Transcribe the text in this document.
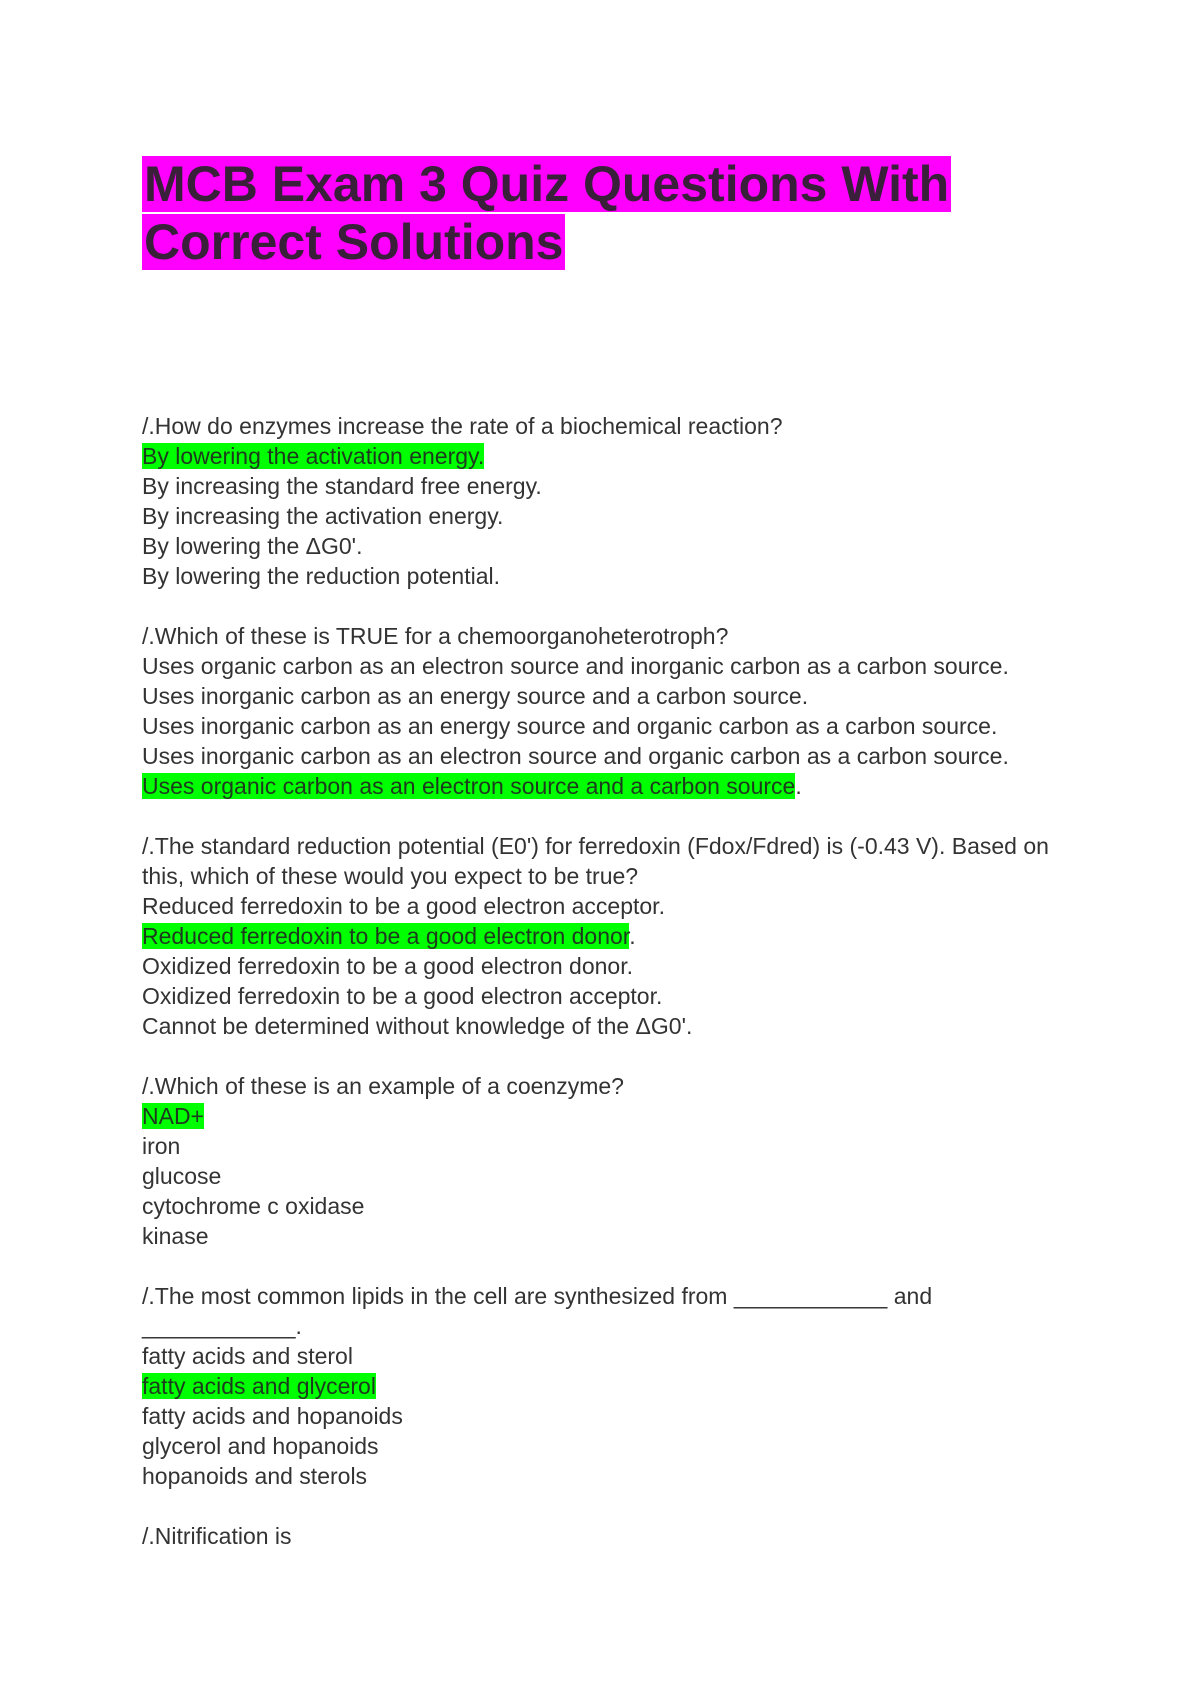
MCB Exam 3 Quiz Questions With
Correct Solutions

/.How do enzymes increase the rate of a biochemical reaction?

By lowering the activation energy.
By increasing the standard free energy.
By increasing the activation energy.
By lowering the ΔG0'.
By lowering the reduction potential.

/.Which of these is TRUE for a chemoorganoheterotroph?

Uses organic carbon as an electron source and inorganic carbon as a carbon source.
Uses inorganic carbon as an energy source and a carbon source.
Uses inorganic carbon as an energy source and organic carbon as a carbon source.
Uses inorganic carbon as an electron source and organic carbon as a carbon source.
Uses organic carbon as an electron source and a carbon source.

/.The standard reduction potential (E0') for ferredoxin (Fdox/Fdred) is (-0.43 V). Based on this, which of these would you expect to be true?

Reduced ferredoxin to be a good electron acceptor.
Reduced ferredoxin to be a good electron donor.
Oxidized ferredoxin to be a good electron donor.
Oxidized ferredoxin to be a good electron acceptor.
Cannot be determined without knowledge of the ΔG0'.

/.Which of these is an example of a coenzyme?

NAD+
iron
glucose
cytochrome c oxidase
kinase

/.The most common lipids in the cell are synthesized from ____________ and ____________.

fatty acids and sterol
fatty acids and glycerol
fatty acids and hopanoids
glycerol and hopanoids
hopanoids and sterols

/.Nitrification is
